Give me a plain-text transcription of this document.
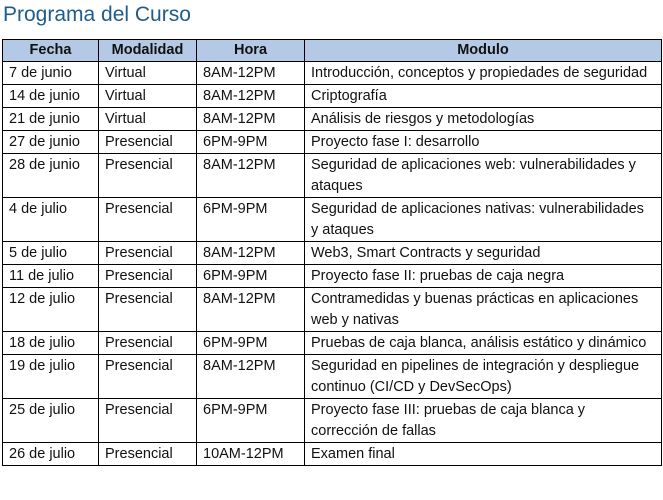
Programa del Curso
Fecha	Modalidad	Hora	Modulo
7 de junio	Virtual	8AM-12PM	Introducción, conceptos y propiedades de seguridad
14 de junio	Virtual	8AM-12PM	Criptografía
21 de junio	Virtual	8AM-12PM	Análisis de riesgos y metodologías
27 de junio	Presencial	6PM-9PM	Proyecto fase I: desarrollo
28 de junio	Presencial	8AM-12PM	Seguridad de aplicaciones web: vulnerabilidades y ataques
4 de julio	Presencial	6PM-9PM	Seguridad de aplicaciones nativas: vulnerabilidades y ataques
5 de julio	Presencial	8AM-12PM	Web3, Smart Contracts y seguridad
11 de julio	Presencial	6PM-9PM	Proyecto fase II: pruebas de caja negra
12 de julio	Presencial	8AM-12PM	Contramedidas y buenas prácticas en aplicaciones web y nativas
18 de julio	Presencial	6PM-9PM	Pruebas de caja blanca, análisis estático y dinámico
19 de julio	Presencial	8AM-12PM	Seguridad en pipelines de integración y despliegue continuo (CI/CD y DevSecOps)
25 de julio	Presencial	6PM-9PM	Proyecto fase III: pruebas de caja blanca y corrección de fallas
26 de julio	Presencial	10AM-12PM	Examen final
